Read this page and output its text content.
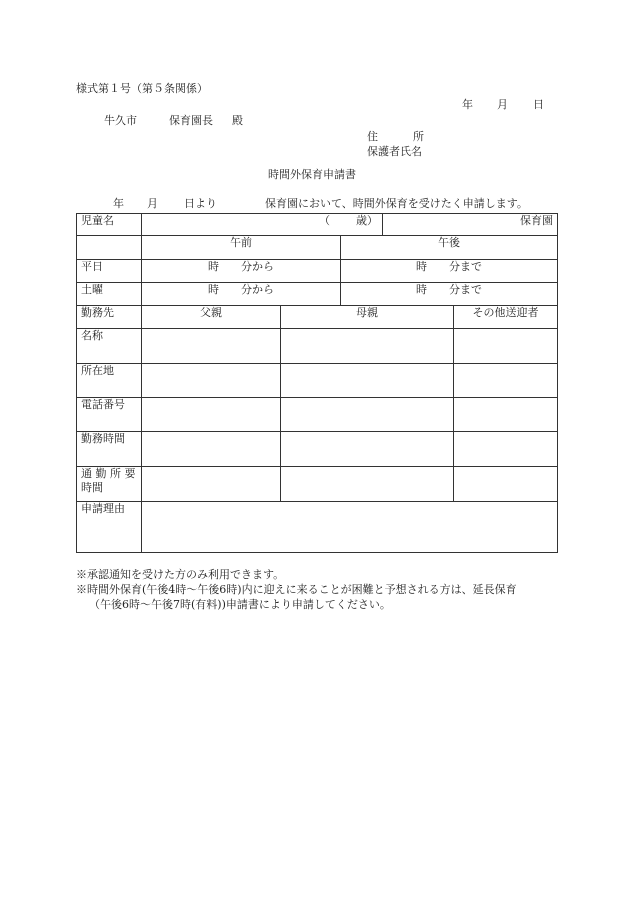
様式第１号（第５条関係）
年 月 日
牛久市	保育園長 殿
住	所
保護者氏名
時間外保育申請書
年 月 日より	保育園において、時間外保育を受けたく申請します。
児童名	（ 歳）			保育園	
	午前		午後		
平日	時 分から		時 分まで		
土曜	時 分から		時 分まで		
勤務先	父親	母親			その他送迎者
名称					
所在地					
電話番号					
勤務時間					

通 勤 所 要
時間					

申請理由					
※承認通知を受けた方のみ利用できます。
※時間外保育(午後4時～午後6時)内に迎えに来ることが困難と予想される方は、延長保育
（午後6時～午後7時(有料))申請書により申請してください。
